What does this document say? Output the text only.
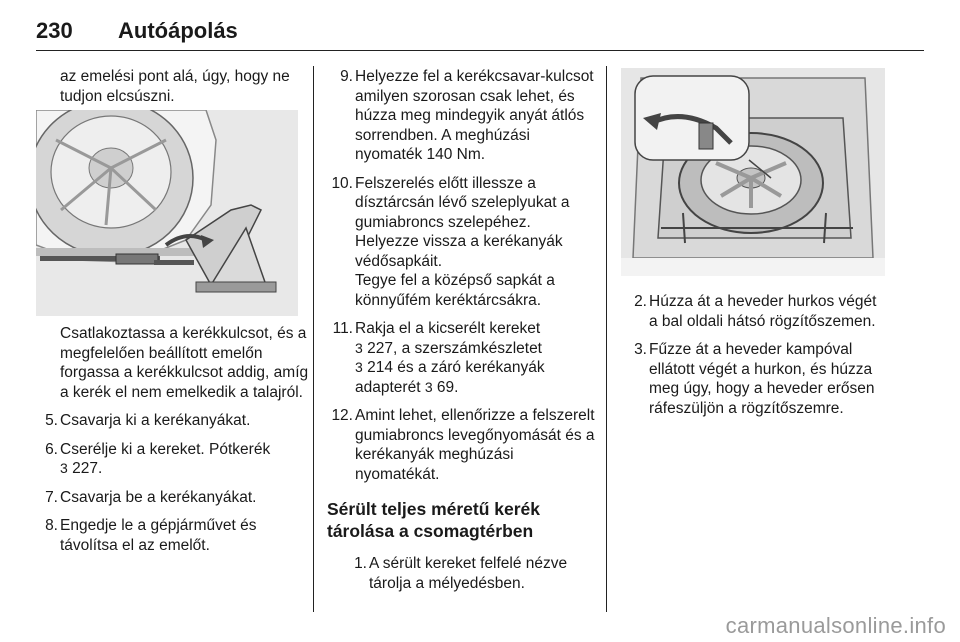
230 Autóápolás

az emelési pont alá, úgy, hogy ne tudjon elcsúszni.

Csatlakoztassa a kerékkulcsot, és a megfelelően beállított emelőn forgassa a kerékkulcsot addig, amíg a kerék el nem emelkedik a talajról.

5. Csavarja ki a kerékanyákat.
6. Cserélje ki a kereket. Pótkerék
3 227.
7. Csavarja be a kerékanyákat.
8. Engedje le a gépjárművet és távolítsa el az emelőt.
9. Helyezze fel a kerékcsavar-kulcsot amilyen szorosan csak lehet, és húzza meg mindegyik anyát átlós sorrendben. A meghúzási nyomaték 140 Nm.
10. Felszerelés előtt illessze a dísztárcsán lévő szeleplyukat a gumiabroncs szelepéhez.

Helyezze vissza a kerékanyák védősapkáit.

Tegye fel a középső sapkát a könnyűfém keréktárcsákra.

11. Rakja el a kicserélt kereket
3 227, a szerszámkészletet
3 214 és a záró kerékanyák adapterét 3 69.
12. Amint lehet, ellenőrizze a felszerelt gumiabroncs levegőnyomását és a kerékanyák meghúzási nyomatékát.
Sérült teljes méretű kerék tárolása a csomagtérben
1. A sérült kereket felfelé nézve tárolja a mélyedésben.
2. Húzza át a heveder hurkos végét a bal oldali hátsó rögzítőszemen.
3. Fűzze át a heveder kampóval ellátott végét a hurkon, és húzza meg úgy, hogy a heveder erősen ráfeszüljön a rögzítőszemre.
carmanualsonline.info
